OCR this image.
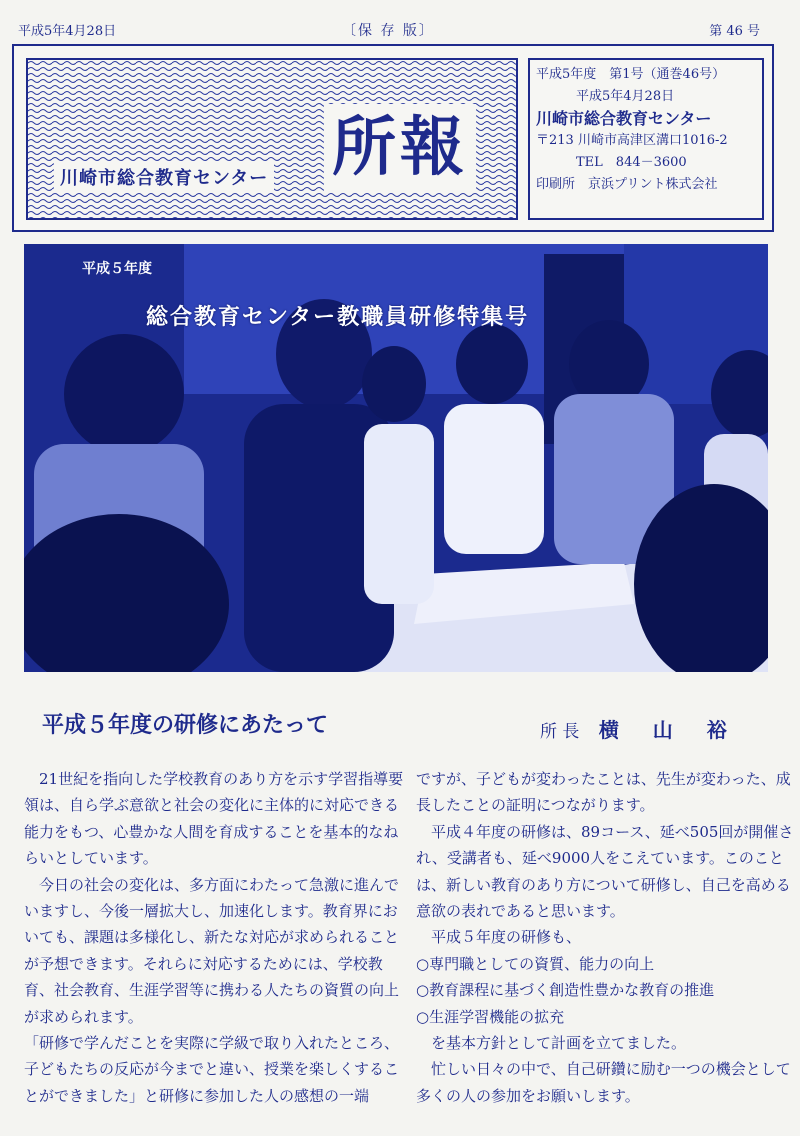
平成5年4月28日	〔保 存 版〕	第 46 号
川崎市総合教育センター 所報
平成5年度　第1号（通巻46号）
平成5年4月28日
川崎市総合教育センター
〒213 川崎市高津区溝口1016-2
TEL　844－3600
印刷所　京浜プリント株式会社
平成５年度
総合教育センター教職員研修特集号
平成５年度の研修にあたって	所 長 横山裕

　21世紀を指向した学校教育のあり方を示す学習指導要領は、自ら学ぶ意欲と社会の変化に主体的に対応できる能力をもつ、心豊かな人間を育成することを基本的なねらいとしています。

　今日の社会の変化は、多方面にわたって急激に進んでいますし、今後一層拡大し、加速化します。教育界においても、課題は多様化し、新たな対応が求められることが予想できます。それらに対応するためには、学校教育、社会教育、生涯学習等に携わる人たちの資質の向上が求められます。

「研修で学んだことを実際に学級で取り入れたところ、子どもたちの反応が今までと違い、授業を楽しくすることができました」と研修に参加した人の感想の一端

ですが、子どもが変わったことは、先生が変わった、成長したことの証明につながります。

　平成４年度の研修は、89コース、延べ505回が開催され、受講者も、延べ9000人をこえています。このことは、新しい教育のあり方について研修し、自己を高める意欲の表れであると思います。

　平成５年度の研修も、

○専門職としての資質、能力の向上

○教育課程に基づく創造性豊かな教育の推進

○生涯学習機能の拡充

　を基本方針として計画を立てました。

　忙しい日々の中で、自己研鑽に励む一つの機会として多くの人の参加をお願いします。
